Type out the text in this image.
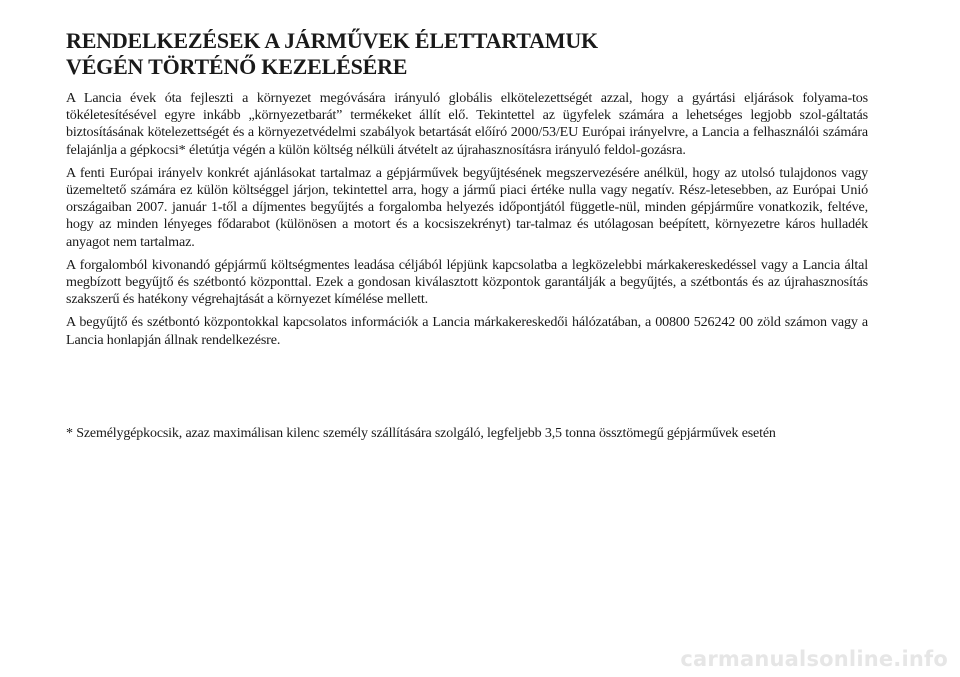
RENDELKEZÉSEK A JÁRMŰVEK ÉLETTARTAMUK
VÉGÉN TÖRTÉNŐ KEZELÉSÉRE

A Lancia évek óta fejleszti a környezet megóvására irányuló globális elkötelezettségét azzal, hogy a gyártási eljárások folyama-tos tökéletesítésével egyre inkább „környezetbarát” termékeket állít elő. Tekintettel az ügyfelek számára a lehetséges legjobb szol-gáltatás biztosításának kötelezettségét és a környezetvédelmi szabályok betartását előíró 2000/53/EU Európai irányelvre, a Lancia a felhasználói számára felajánlja a gépkocsi* életútja végén a külön költség nélküli átvételt az újrahasznosításra irányuló feldol-gozásra.

A fenti Európai irányelv konkrét ajánlásokat tartalmaz a gépjárművek begyűjtésének megszervezésére anélkül, hogy az utolsó tulajdonos vagy üzemeltető számára ez külön költséggel járjon, tekintettel arra, hogy a jármű piaci értéke nulla vagy negatív. Rész-letesebben, az Európai Unió országaiban 2007. január 1-től a díjmentes begyűjtés a forgalomba helyezés időpontjától függetle-nül, minden gépjárműre vonatkozik, feltéve, hogy az minden lényeges fődarabot (különösen a motort és a kocsiszekrényt) tar-talmaz és utólagosan beépített, környezetre káros hulladék anyagot nem tartalmaz.

A forgalomból kivonandó gépjármű költségmentes leadása céljából lépjünk kapcsolatba a legközelebbi márkakereskedéssel vagy a Lancia által megbízott begyűjtő és szétbontó központtal. Ezek a gondosan kiválasztott központok garantálják a begyűjtés, a szétbontás és az újrahasznosítás szakszerű és hatékony végrehajtását a környezet kímélése mellett.

A begyűjtő és szétbontó központokkal kapcsolatos információk a Lancia márkakereskedői hálózatában, a 00800 526242 00 zöld számon vagy a Lancia honlapján állnak rendelkezésre.

* Személygépkocsik, azaz maximálisan kilenc személy szállítására szolgáló, legfeljebb 3,5 tonna össztömegű gépjárművek esetén

carmanualsonline.info
